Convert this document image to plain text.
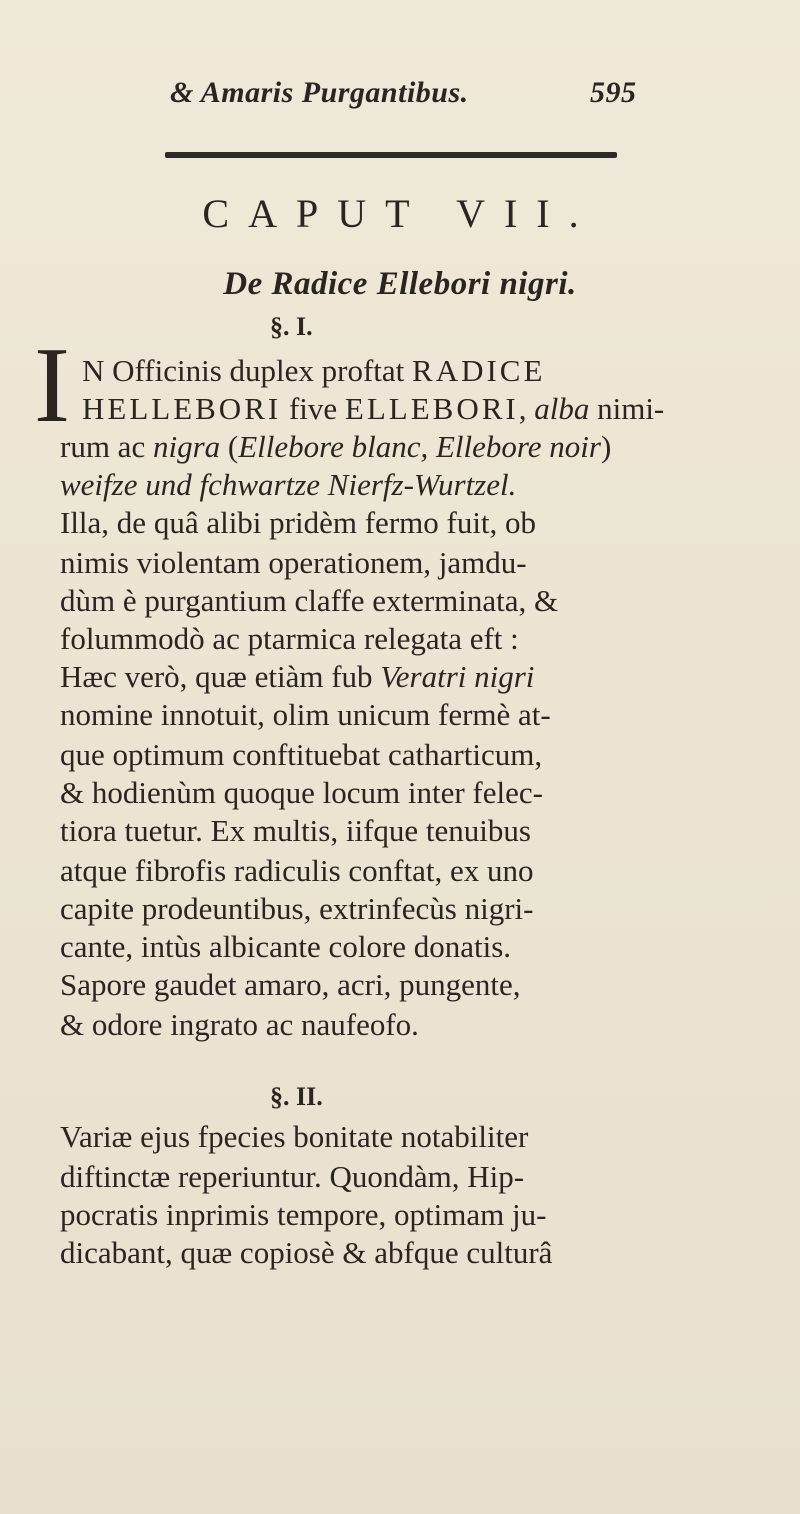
& Amaris Purgantibus.	595
CAPUT VII.
De Radice Ellebori nigri.
§. I.
I N Officinis duplex proftat RADICE
HELLEBORI five ELLEBORI, alba nimi-
rum ac nigra (Ellebore blanc, Ellebore noir)
weifze und fchwartze Nierfz-Wurtzel.
Illa, de quâ alibi pridèm fermo fuit, ob
nimis violentam operationem, jamdu-
dùm è purgantium claffe exterminata, &
folummodò ac ptarmica relegata eft :
Hæc verò, quæ etiàm fub Veratri nigri
nomine innotuit, olim unicum fermè at-
que optimum conftituebat catharticum,
& hodienùm quoque locum inter felec-
tiora tuetur. Ex multis, iifque tenuibus
atque fibrofis radiculis conftat, ex uno
capite prodeuntibus, extrinfecùs nigri-
cante, intùs albicante colore donatis.
Sapore gaudet amaro, acri, pungente,
& odore ingrato ac naufeofo.
§. II.
Variæ ejus fpecies bonitate notabiliter
diftinctæ reperiuntur. Quondàm, Hip-
pocratis inprimis tempore, optimam ju-
dicabant, quæ copiosè & abfque culturâ
